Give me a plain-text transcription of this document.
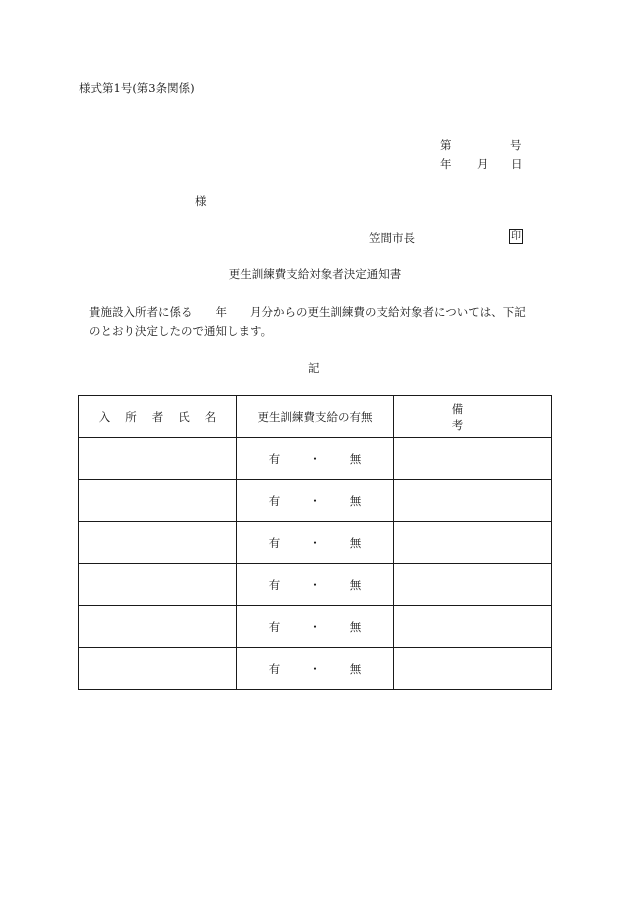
様式第1号(第3条関係)
第	号
年 月 日
様
笠間市長	印
更生訓練費支給対象者決定通知書
貴施設入所者に係る　　年　　月分からの更生訓練費の支給対象者については、下記
のとおり決定したので通知します。
記
入所者氏名	更生訓練費支給の有無	備考
	有 ・ 無	
	有 ・ 無	
	有 ・ 無	
	有 ・ 無	
	有 ・ 無	
	有 ・ 無	
